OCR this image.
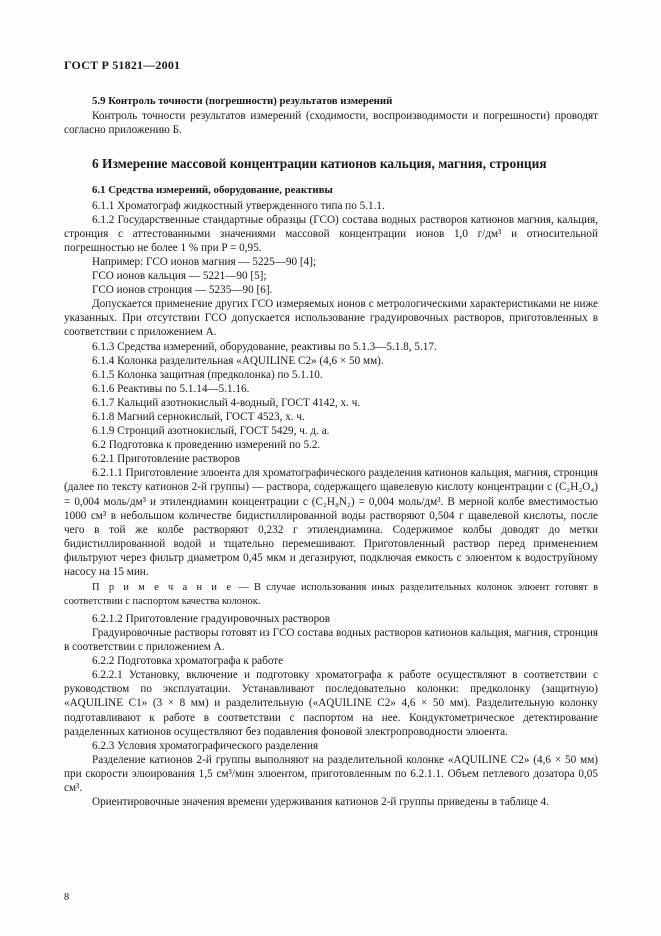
ГОСТ Р 51821—2001
5.9 Контроль точности (погрешности) результатов измерений

Контроль точности результатов измерений (сходимости, воспроизводимости и погрешности) проводят согласно приложению Б.

6 Измерение массовой концентрации катионов кальция, магния, стронция
6.1 Средства измерений, оборудование, реактивы

6.1.1 Хроматограф жидкостный утвержденного типа по 5.1.1.

6.1.2 Государственные стандартные образцы (ГСО) состава водных растворов катионов магния, кальция, стронция с аттестованными значениями массовой концентрации ионов 1,0 г/дм³ и относительной погрешностью не более 1 % при P = 0,95.

Например: ГСО ионов магния — 5225—90 [4];

ГСО ионов кальция — 5221—90 [5];

ГСО ионов стронция — 5235—90 [6].

Допускается применение других ГСО измеряемых ионов с метрологическими характеристиками не ниже указанных. При отсутствии ГСО допускается использование градуировочных растворов, приготовленных в соответствии с приложением А.

6.1.3 Средства измерений, оборудование, реактивы по 5.1.3—5.1.8, 5.17.

6.1.4 Колонка разделительная «AQUILINE C2» (4,6 × 50 мм).

6.1.5 Колонка защитная (предколонка) по 5.1.10.

6.1.6 Реактивы по 5.1.14—5.1.16.

6.1.7 Кальций азотнокислый 4-водный, ГОСТ 4142, х. ч.

6.1.8 Магний сернокислый, ГОСТ 4523, х. ч.

6.1.9 Стронций азотнокислый, ГОСТ 5429, ч. д. а.

6.2 Подготовка к проведению измерений по 5.2.

6.2.1 Приготовление растворов

6.2.1.1 Приготовление элюента для хроматографического разделения катионов кальция, магния, стронция (далее по тексту катионов 2-й группы) — раствора, содержащего щавелевую кислоту концентрации c (C₂H₂O₄) = 0,004 моль/дм³ и этилендиамин концентрации c (C₂H₈N₂) = 0,004 моль/дм³. В мерной колбе вместимостью 1000 см³ в небольшом количестве бидистиллированной воды растворяют 0,504 г щавелевой кислоты, после чего в той же колбе растворяют 0,232 г этилендиамина. Содержимое колбы доводят до метки бидистиллированной водой и тщательно перемешивают. Приготовленный раствор перед применением фильтруют через фильтр диаметром 0,45 мкм и дегазируют, подключая емкость с элюентом к водоструйному насосу на 15 мин.

П р и м е ч а н и е — В случае использования иных разделительных колонок элюент готовят в соответствии с паспортом качества колонок.

6.2.1.2 Приготовление градуировочных растворов

Градуировочные растворы готовят из ГСО состава водных растворов катионов кальция, магния, стронция в соответствии с приложением А.

6.2.2 Подготовка хроматографа к работе

6.2.2.1 Установку, включение и подготовку хроматографа к работе осуществляют в соответствии с руководством по эксплуатации. Устанавливают последовательно колонки: предколонку (защитную) «AQUILINE C1» (3 × 8 мм) и разделительную («AQUILINE C2» 4,6 × 50 мм). Разделительную колонку подготавливают к работе в соответствии с паспортом на нее. Кондуктометрическое детектирование разделенных катионов осуществляют без подавления фоновой электропроводности элюента.

6.2.3 Условия хроматографического разделения

Разделение катионов 2-й группы выполняют на разделительной колонке «AQUILINE C2» (4,6 × 50 мм) при скорости элюирования 1,5 см³/мин элюентом, приготовленным по 6.2.1.1. Объем петлевого дозатора 0,05 см³.

Ориентировочные значения времени удерживания катионов 2-й группы приведены в таблице 4.

8
